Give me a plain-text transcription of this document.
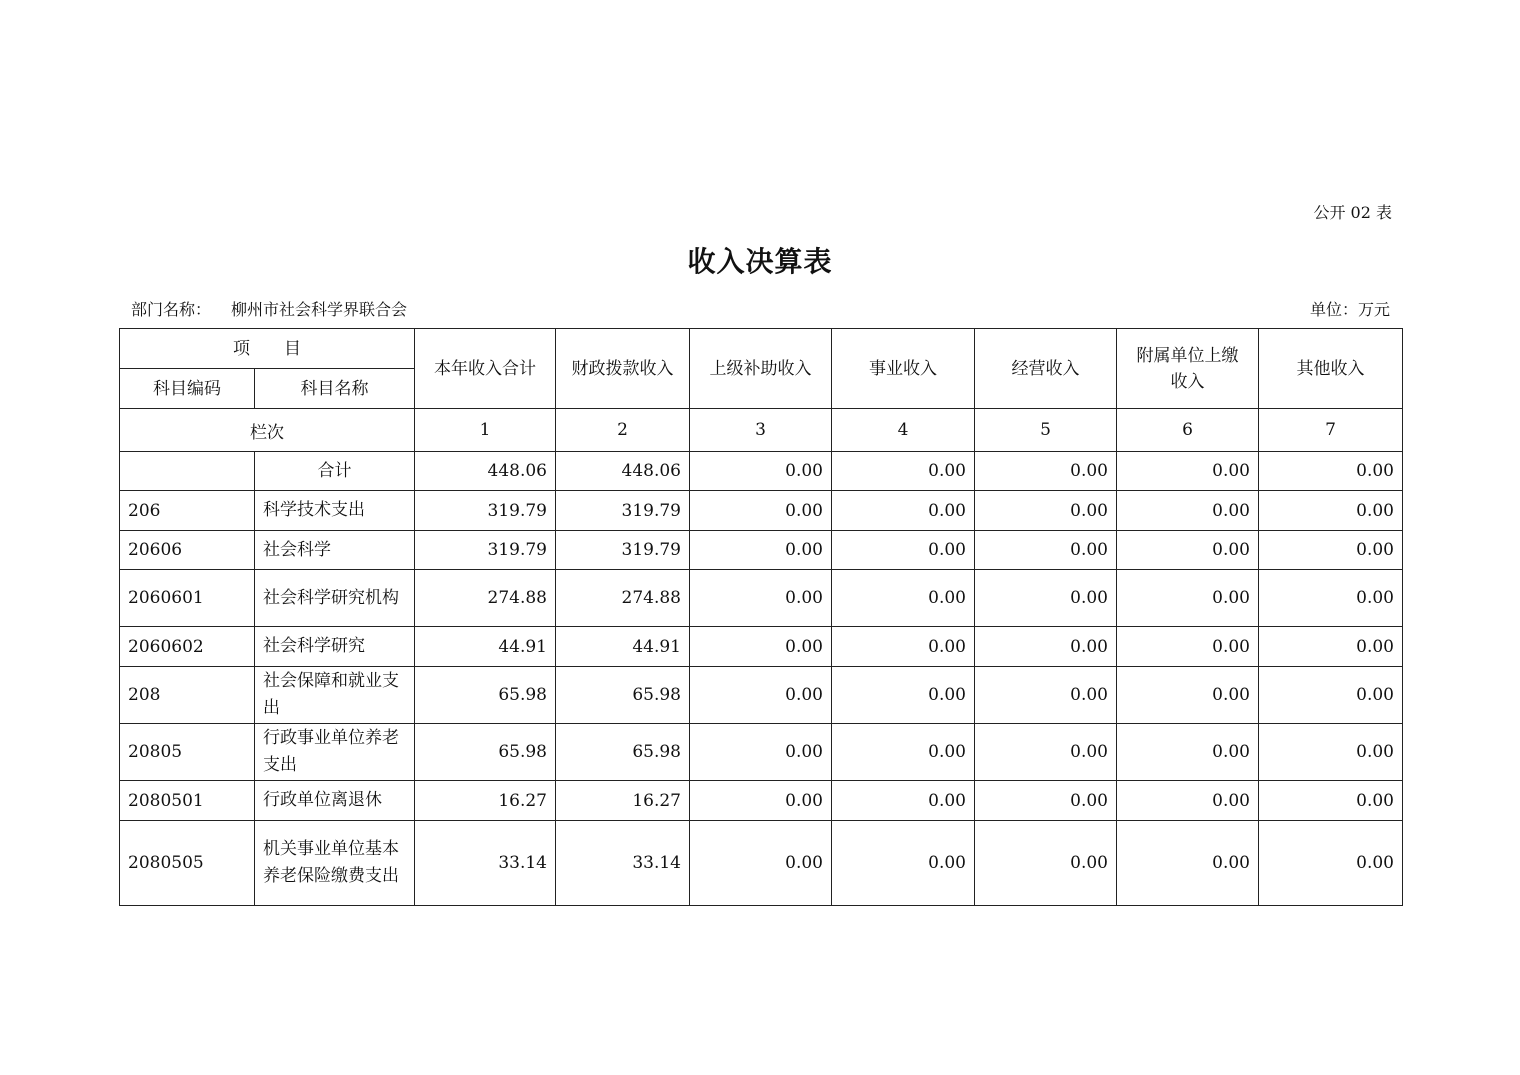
公开 02 表
收入决算表
部门名称： 柳州市社会科学界联合会	单位：万元
项　　目		本年收入合计	财政拨款收入	上级补助收入	事业收入	经营收入	附属单位上缴收入	其他收入
科目编码	科目名称							
栏次		1	2	3	4	5	6	7
	合计	448.06	448.06	0.00	0.00	0.00	0.00	0.00
206	科学技术支出	319.79	319.79	0.00	0.00	0.00	0.00	0.00
20606	社会科学	319.79	319.79	0.00	0.00	0.00	0.00	0.00
2060601	社会科学研究机构	274.88	274.88	0.00	0.00	0.00	0.00	0.00
2060602	社会科学研究	44.91	44.91	0.00	0.00	0.00	0.00	0.00
208	社会保障和就业支出	65.98	65.98	0.00	0.00	0.00	0.00	0.00
20805	行政事业单位养老支出	65.98	65.98	0.00	0.00	0.00	0.00	0.00
2080501	行政单位离退休	16.27	16.27	0.00	0.00	0.00	0.00	0.00
2080505	机关事业单位基本养老保险缴费支出	33.14	33.14	0.00	0.00	0.00	0.00	0.00
